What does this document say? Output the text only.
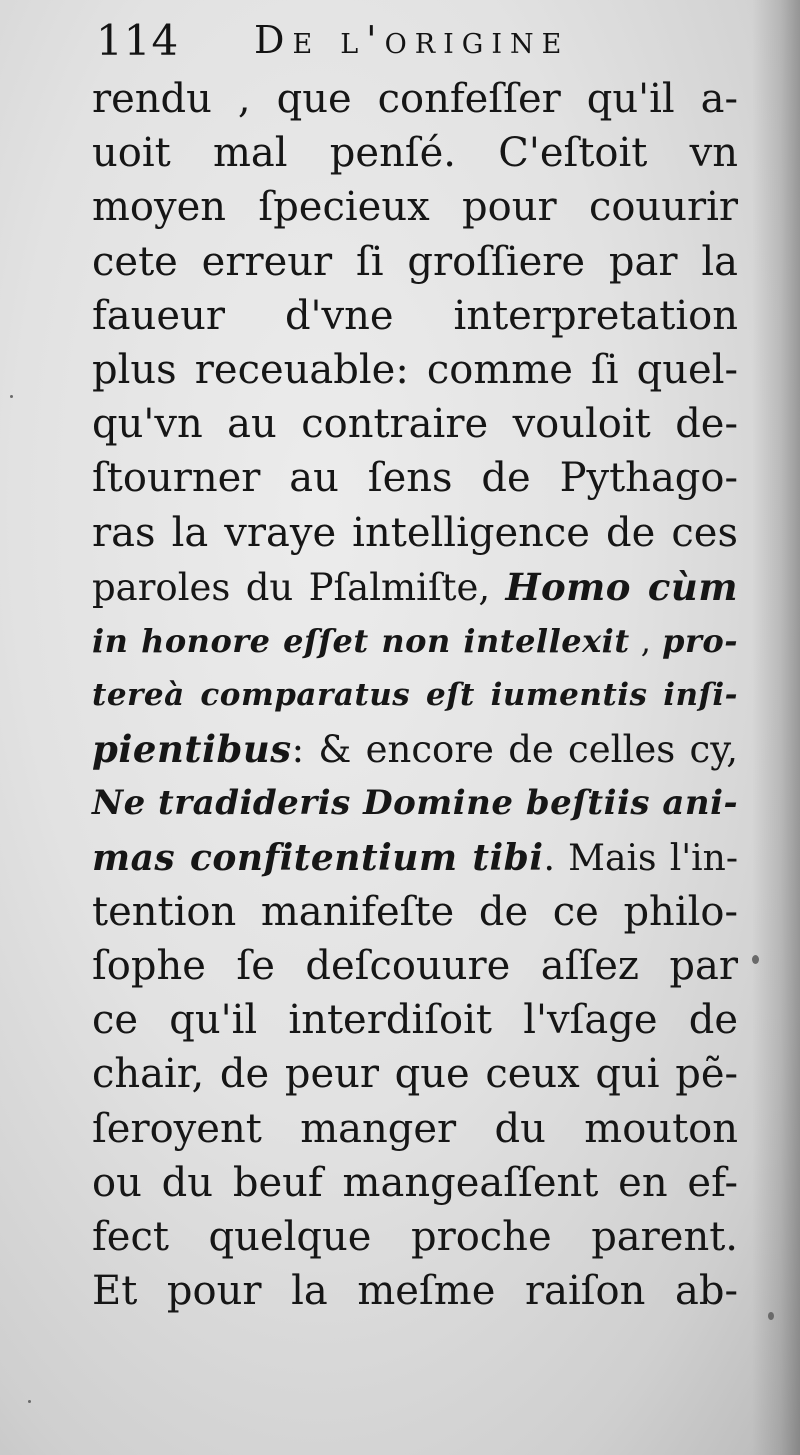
114 De l'origine
rendu , que confeſſer qu'il a-
uoit mal penſé. C'eſtoit vn
moyen ſpecieux pour couurir
cete erreur ſi groſſiere par la
faueur d'vne interpretation
plus receuable: comme ſi quel-
qu'vn au contraire vouloit de-
ſtourner au ſens de Pythago-
ras la vraye intelligence de ces
paroles du Pſalmiſte, Homo cùm
in honore eſſet non intellexit , pro-
tereà comparatus eſt iumentis inſi-
pientibus: & encore de celles cy,
Ne tradideris Domine beſtiis ani-
mas confitentium tibi. Mais l'in-
tention manifeſte de ce philo-
ſophe ſe deſcouure aſſez par
ce qu'il interdiſoit l'vſage de
chair, de peur que ceux qui pẽ-
ſeroyent manger du mouton
ou du beuf mangeaſſent en ef-
fect quelque proche parent.
Et pour la meſme raiſon ab-
